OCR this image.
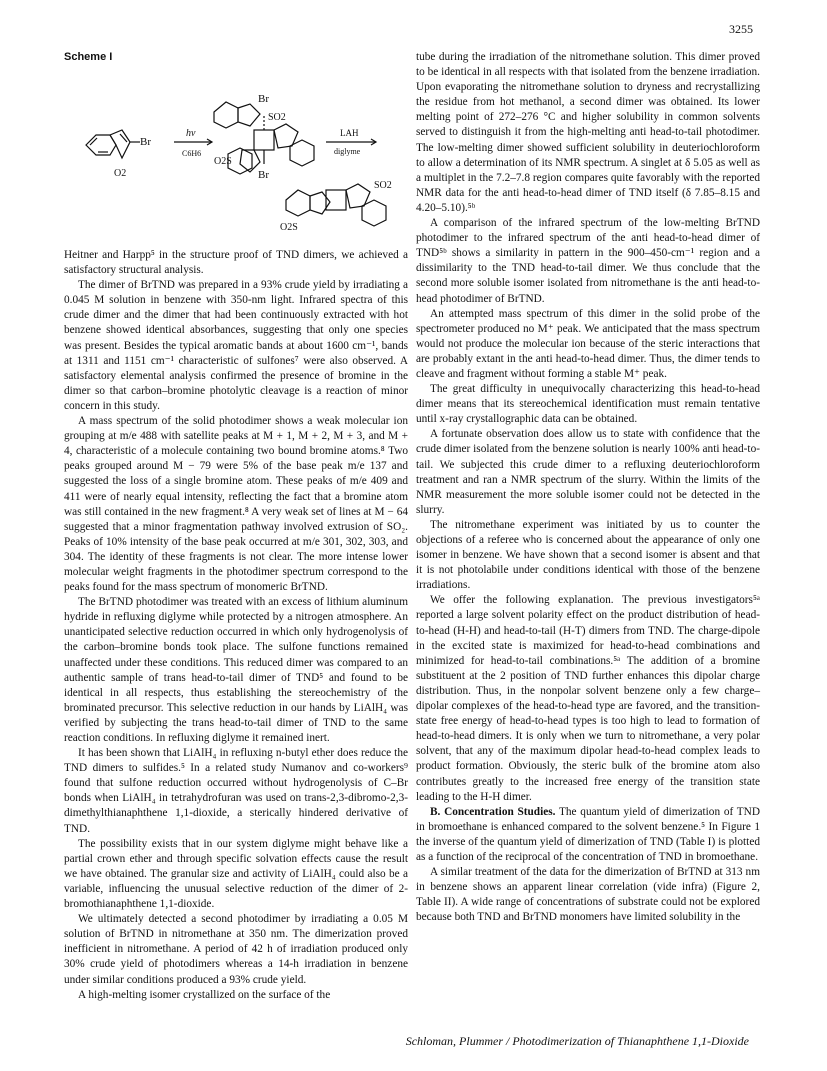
3255
Scheme I
Br
O2
hν
C6H6
Br
SO2
O2S
Br
LAH
diglyme
SO2
O2S

Heitner and Harpp⁵ in the structure proof of TND dimers, we achieved a satisfactory structural analysis.

The dimer of BrTND was prepared in a 93% crude yield by irradiating a 0.045 M solution in benzene with 350-nm light. Infrared spectra of this crude dimer and the dimer that had been continuously extracted with hot benzene showed identical absorbances, suggesting that only one species was present. Besides the typical aromatic bands at about 1600 cm⁻¹, bands at 1311 and 1151 cm⁻¹ characteristic of sulfones⁷ were also observed. A satisfactory elemental analysis confirmed the presence of bromine in the dimer so that carbon–bromine photolytic cleavage is a reaction of minor concern in this study.

A mass spectrum of the solid photodimer shows a weak molecular ion grouping at m/e 488 with satellite peaks at M + 1, M + 2, M + 3, and M + 4, characteristic of a molecule containing two bound bromine atoms.⁸ Two peaks grouped around M − 79 were 5% of the base peak m/e 137 and suggested the loss of a single bromine atom. These peaks of m/e 409 and 411 were of nearly equal intensity, reflecting the fact that a bromine atom was still contained in the new fragment.⁸ A very weak set of lines at M − 64 suggested that a minor fragmentation pathway involved extrusion of SO₂. Peaks of 10% intensity of the base peak occurred at m/e 301, 302, 303, and 304. The identity of these fragments is not clear. The more intense lower molecular weight fragments in the photodimer spectrum correspond to the peaks found for the mass spectrum of monomeric BrTND.

The BrTND photodimer was treated with an excess of lithium aluminum hydride in refluxing diglyme while protected by a nitrogen atmosphere. An unanticipated selective reduction occurred in which only hydrogenolysis of the carbon–bromine bonds took place. The sulfone functions remained unaffected under these conditions. This reduced dimer was compared to an authentic sample of trans head-to-tail dimer of TND⁵ and found to be identical in all respects, thus establishing the stereochemistry of the brominated precursor. This selective reduction in our hands by LiAlH₄ was verified by subjecting the trans head-to-tail dimer of TND to the same reaction conditions. In refluxing diglyme it remained inert.

It has been shown that LiAlH₄ in refluxing n-butyl ether does reduce the TND dimers to sulfides.⁵ In a related study Numanov and co-workers⁹ found that sulfone reduction occurred without hydrogenolysis of C–Br bonds when LiAlH₄ in tetrahydrofuran was used on trans-2,3-dibromo-2,3-dimethylthianaphthene 1,1-dioxide, a sterically hindered derivative of TND.

The possibility exists that in our system diglyme might behave like a partial crown ether and through specific solvation effects cause the result we have obtained. The granular size and activity of LiAlH₄ could also be a variable, influencing the unusual selective reduction of the dimer of 2-bromothianaphthene 1,1-dioxide.

We ultimately detected a second photodimer by irradiating a 0.05 M solution of BrTND in nitromethane at 350 nm. The dimerization proved inefficient in nitromethane. A period of 42 h of irradiation produced only 30% crude yield of photodimers whereas a 14-h irradiation in benzene under similar conditions produced a 93% crude yield.

A high-melting isomer crystallized on the surface of the

tube during the irradiation of the nitromethane solution. This dimer proved to be identical in all respects with that isolated from the benzene irradiation. Upon evaporating the nitromethane solution to dryness and recrystallizing the residue from hot methanol, a second dimer was obtained. Its lower melting point of 272–276 °C and higher solubility in common solvents served to distinguish it from the high-melting anti head-to-tail photodimer. The low-melting dimer showed sufficient solubility in deuteriochloroform to allow a determination of its NMR spectrum. A singlet at δ 5.05 as well as a multiplet in the 7.2–7.8 region compares quite favorably with the reported NMR data for the anti head-to-head dimer of TND itself (δ 7.85–8.15 and 4.20–5.10).⁵ᵇ

A comparison of the infrared spectrum of the low-melting BrTND photodimer to the infrared spectrum of the anti head-to-head dimer of TND⁵ᵇ shows a similarity in pattern in the 900–450-cm⁻¹ region and a dissimilarity to the TND head-to-tail dimer. We thus conclude that the second more soluble isomer isolated from nitromethane is the anti head-to-head photodimer of BrTND.

An attempted mass spectrum of this dimer in the solid probe of the spectrometer produced no M⁺ peak. We anticipated that the mass spectrum would not produce the molecular ion because of the steric interactions that are probably extant in the anti head-to-head dimer. Thus, the dimer tends to cleave and fragment without forming a stable M⁺ peak.

The great difficulty in unequivocally characterizing this head-to-head dimer means that its stereochemical identification must remain tentative until x-ray crystallographic data can be obtained.

A fortunate observation does allow us to state with confidence that the crude dimer isolated from the benzene solution is nearly 100% anti head-to-tail. We subjected this crude dimer to a refluxing deuteriochloroform treatment and ran a NMR spectrum of the slurry. Within the limits of the NMR measurement the more soluble isomer could not be detected in the slurry.

The nitromethane experiment was initiated by us to counter the objections of a referee who is concerned about the appearance of only one isomer in benzene. We have shown that a second isomer is absent and that it is not photolabile under conditions identical with those of the benzene irradiations.

We offer the following explanation. The previous investigators⁵ᵃ reported a large solvent polarity effect on the product distribution of head-to-head (H-H) and head-to-tail (H-T) dimers from TND. The charge-dipole in the excited state is maximized for head-to-head combinations and minimized for head-to-tail combinations.⁵ᵃ The addition of a bromine substituent at the 2 position of TND further enhances this dipolar charge distribution. Thus, in the nonpolar solvent benzene only a few charge–dipolar complexes of the head-to-head type are favored, and the transition-state free energy of head-to-head types is too high to lead to formation of head-to-head dimers. It is only when we turn to nitromethane, a very polar solvent, that any of the maximum dipolar head-to-head complex leads to product formation. Obviously, the steric bulk of the bromine atom also contributes greatly to the increased free energy of the transition state leading to the H-H dimer.

B. Concentration Studies. The quantum yield of dimerization of TND in bromoethane is enhanced compared to the solvent benzene.⁵ In Figure 1 the inverse of the quantum yield of dimerization of TND (Table I) is plotted as a function of the reciprocal of the concentration of TND in bromoethane.

A similar treatment of the data for the dimerization of BrTND at 313 nm in benzene shows an apparent linear correlation (vide infra) (Figure 2, Table II). A wide range of concentrations of substrate could not be explored because both TND and BrTND monomers have limited solubility in the

Schloman, Plummer / Photodimerization of Thianaphthene 1,1-Dioxide
